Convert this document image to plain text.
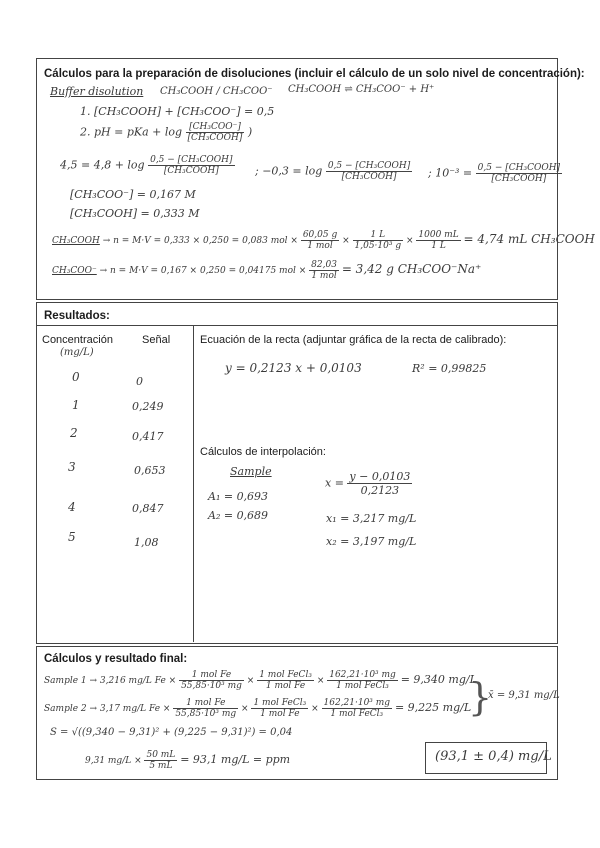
Cálculos para la preparación de disoluciones (incluir el cálculo de un solo nivel de concentración):
Buffer disolution CH₃COOH / CH₃COO⁻ CH₃COOH ⇌ CH₃COO⁻ + H⁺
1. [CH₃COOH] + [CH₃COO⁻] = 0,5
2. pH = pKa + $\log \frac{\text{[CH₃COO⁻]}}{\text{[CH₃COOH]}}$ )
$4,5 = 4,8 + \log \frac{\text{0,5 − [CH₃COOH]}}{\text{[CH₃COOH]}}$ ; $-0,3 = \log \frac{\text{0,5 − [CH₃COOH]}}{\text{[CH₃COOH]}}$ ; $10^{-3} = \frac{\text{0,5 − [CH₃COOH]}}{\text{[CH₃COOH]}}$
[CH₃COO⁻] = 0,167 M
[CH₃COOH] = 0,333 M
CH₃COOH → n = M·V = 0,333 × 0,250 = 0,083 mol × $\frac{60,05 g}{\text{1 mol}} \times \frac{1 L}{\text{1,05·10³ g}} \times \frac{1000 mL}{1 L} = 4,74$ mL CH₃COOH
CH₃COO⁻ → n = M·V = 0,167 × 0,250 = 0,04175 mol × $\frac{82,03}{\text{1 mol}} = 3,42$ g CH₃COO⁻Na⁺
Resultados:
Concentración
(mg/L)
Señal
0	0
1	0,249
2	0,417
3	0,653
4	0,847
5	1,08
Ecuación de la recta (adjuntar gráfica de la recta de calibrado):
y = 0,2123 x + 0,0103	R² = 0,99825
Cálculos de interpolación:
Sample
A₁ = 0,693
A₂ = 0,689
$x = \frac{y - 0,0103}{0,2123}$
x₁ = 3,217 mg/L
x₂ = 3,197 mg/L
Cálculos y resultado final:
Sample 1 → 3,216 mg/L $Fe \times \frac{\text{1 mol Fe}}{\text{55,85·10³ mg}} \times \frac{\text{1 mol FeCl₃}}{\text{1 mol Fe}} \times \frac{\text{162,21·10³ mg}}{\text{1 mol FeCl₃}} = 9,340$ mg/L
Sample 2 → 3,17 mg/L $Fe \times \frac{\text{1 mol Fe}}{\text{55,85·10³ mg}} \times \frac{\text{1 mol FeCl₃}}{\text{1 mol Fe}} \times \frac{\text{162,21·10³ mg}}{\text{1 mol FeCl₃}} = 9,225$ mg/L
}
x̄ = 9,31 mg/L
S = √((9,340 − 9,31)² + (9,225 − 9,31)²) = 0,04
9,31 $mg/L \times \frac{50 mL}{5 mL} = 93,1$ mg/L = ppm	(93,1 ± 0,4) mg/L
